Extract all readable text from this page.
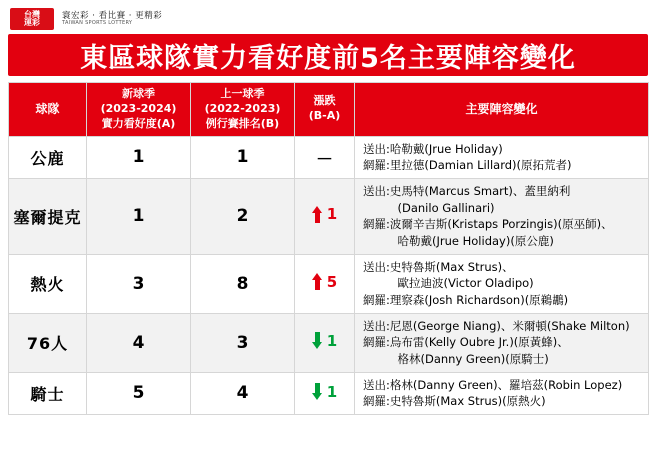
台灣
運彩
寰宏彩 · 看比賽 · 更精彩
TAIWAN SPORTS LOTTERY
東區球隊實力看好度前5名主要陣容變化
球隊	新球季
(2023-2024)
實力看好度(A)	上一球季
(2022-2023)
例行賽排名(B)	漲跌
(B-A)	主要陣容變化
公鹿	1	1	－	送出:哈勒戴(Jrue Holiday)
網羅:里拉德(Damian Lillard)(原拓荒者)

塞爾提克	1	2	1	送出:史馬特(Marcus Smart)、蓋里納利
　　　(Danilo Gallinari)
網羅:波爾辛吉斯(Kristaps Porzingis)(原巫師)、
　　　哈勒戴(Jrue Holiday)(原公鹿)

熱火	3	8	5	送出:史特魯斯(Max Strus)、
　　　歐拉迪波(Victor Oladipo)
網羅:理察森(Josh Richardson)(原鵜鶘)

76人	4	3	1	送出:尼恩(George Niang)、米爾頓(Shake Milton)
網羅:烏布雷(Kelly Oubre Jr.)(原黃蜂)、
　　　格林(Danny Green)(原騎士)

騎士	5	4	1	送出:格林(Danny Green)、羅培茲(Robin Lopez)
網羅:史特魯斯(Max Strus)(原熱火)
